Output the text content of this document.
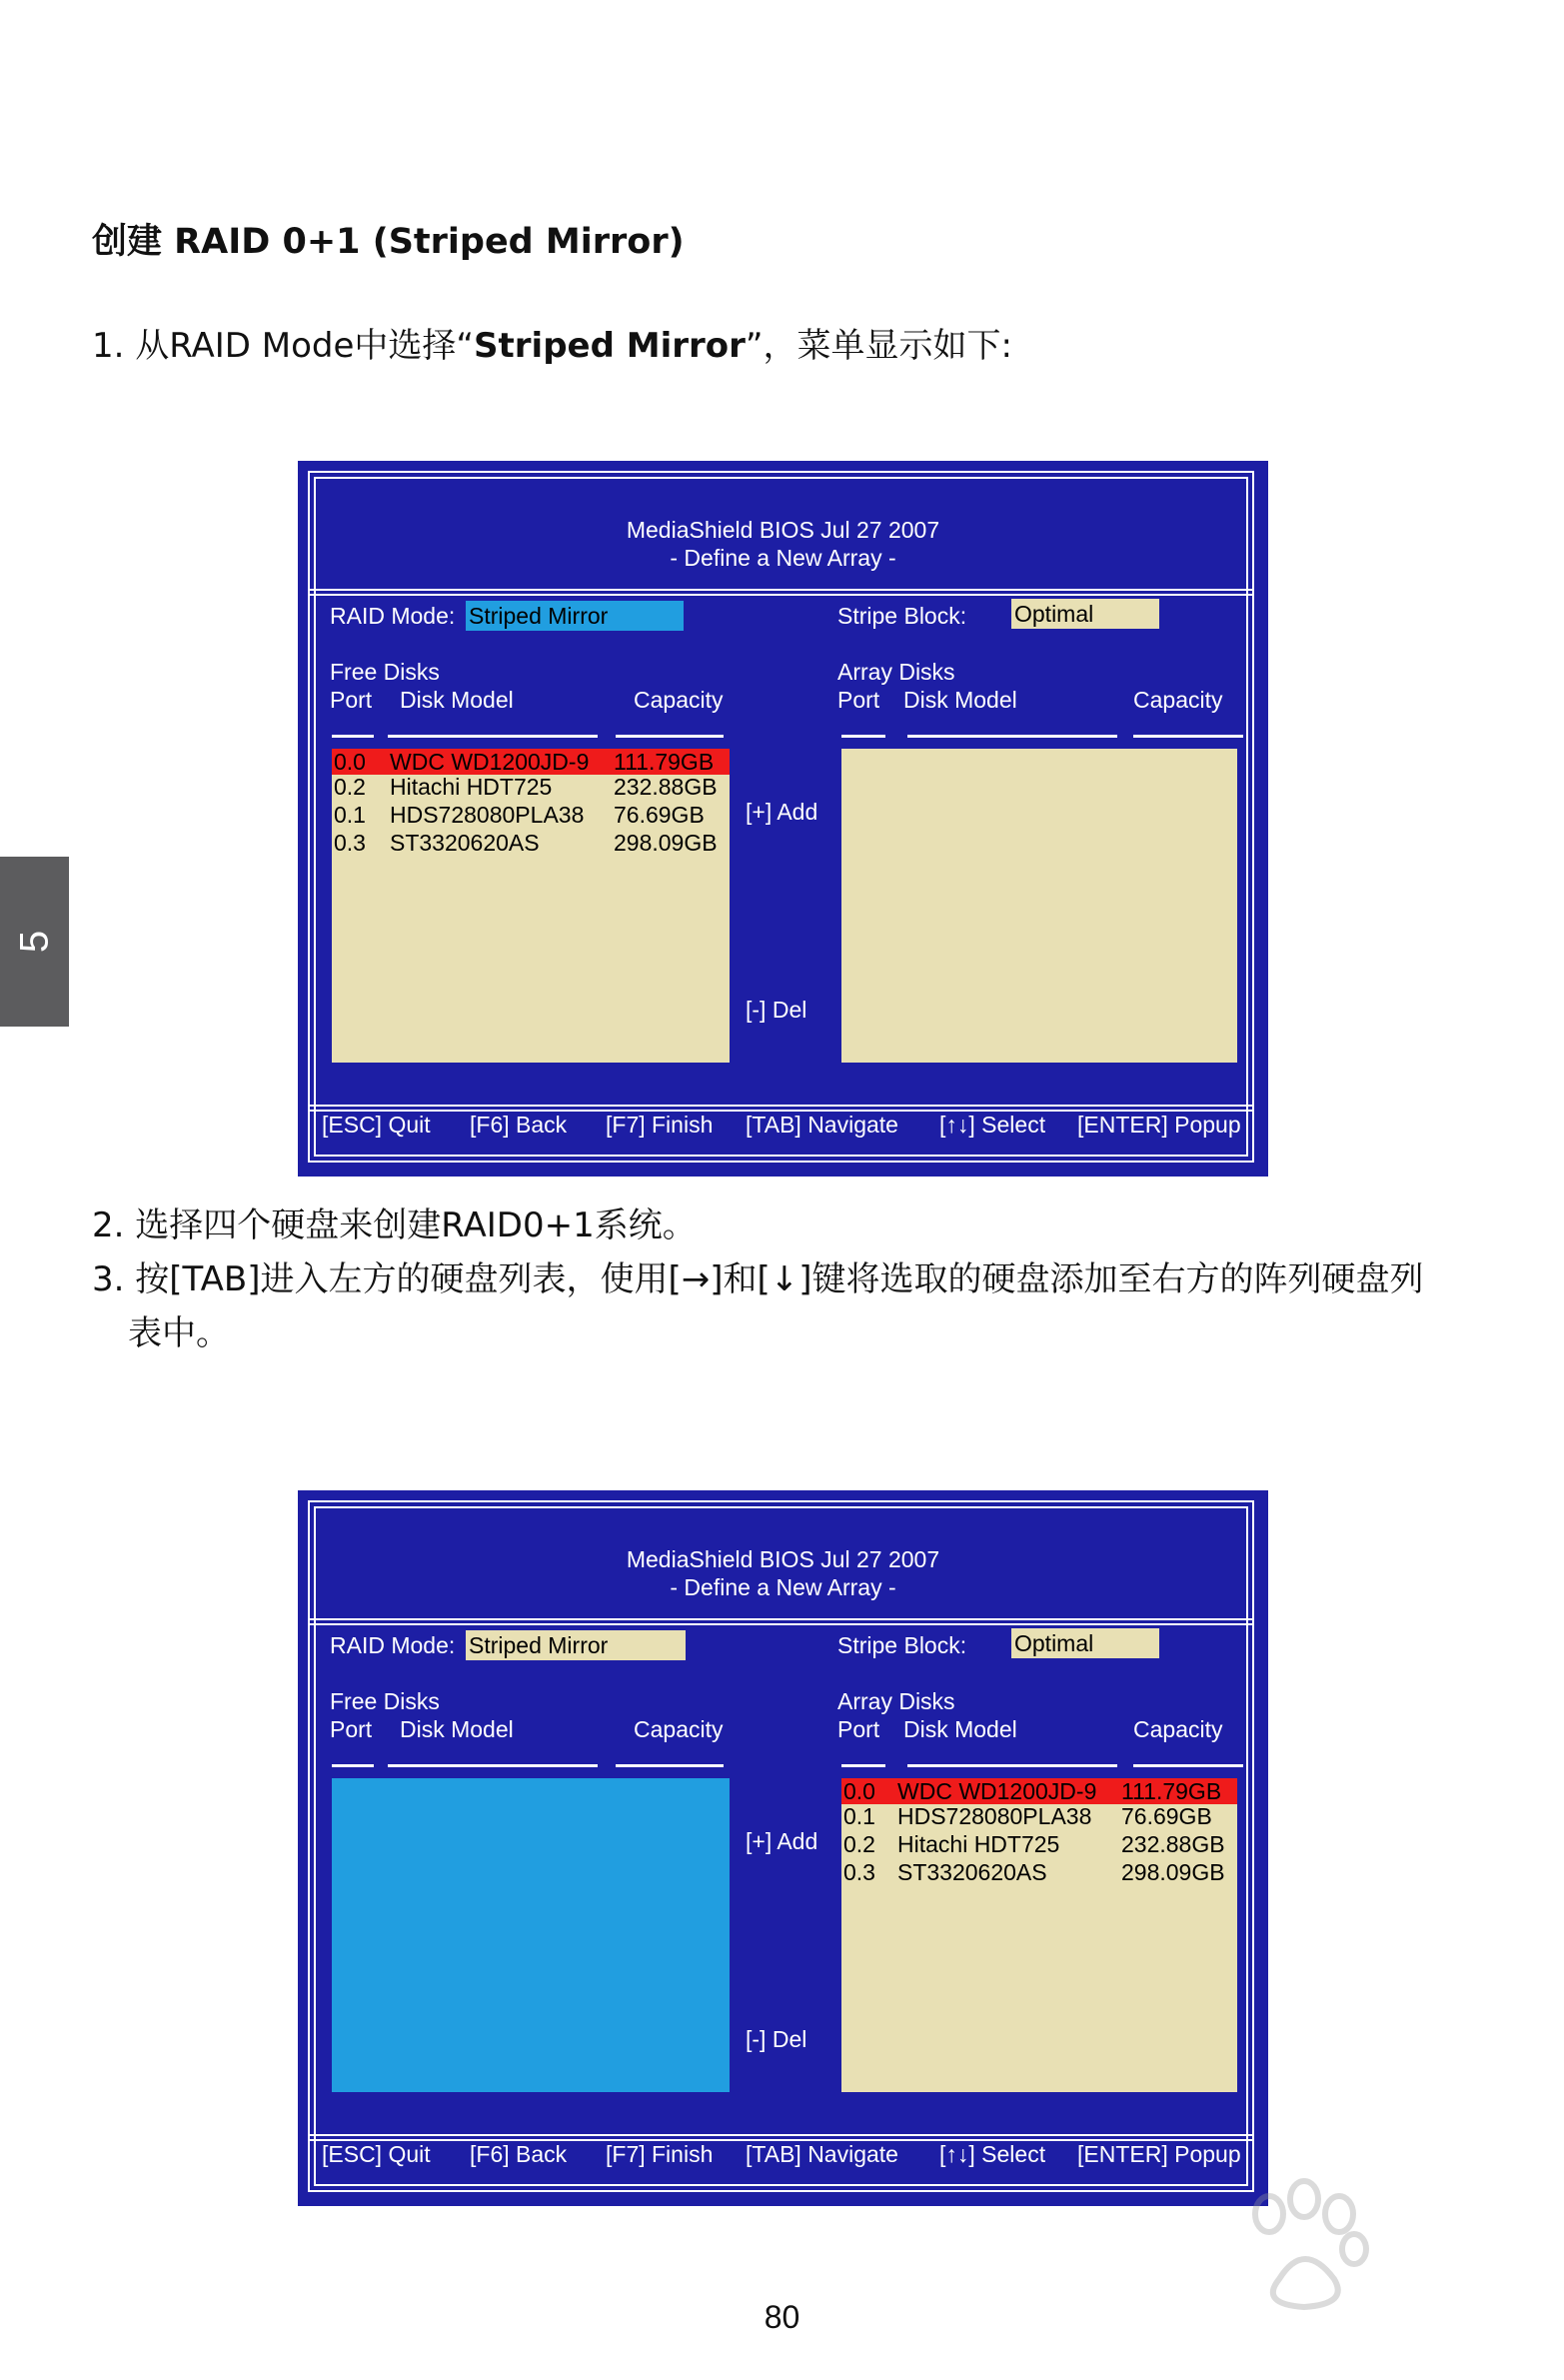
创建 RAID 0+1 (Striped Mirror)
1. 从RAID Mode中选择“Striped Mirror”，菜单显示如下:
5
MediaShield BIOS Jul 27 2007
- Define a New Array -
RAID Mode: Striped Mirror	Stripe Block: Optimal
Free Disks
Port Disk Model	Capacity
Array Disks
Port Disk Model	Capacity
0.0 WDC WD1200JD-9 111.79GB
0.2 Hitachi HDT725	232.88GB
0.1 HDS728080PLA38 76.69GB
0.3 ST3320620AS	298.09GB
[+] Add
[-] Del
[ESC] Quit [F6] Back [F7] Finish [TAB] Navigate [↑↓] Select [ENTER] Popup
2. 选择四个硬盘来创建RAID0+1系统。
3. 按[TAB]进入左方的硬盘列表，使用[→]和[↓]键将选取的硬盘添加至右方的阵列硬盘列
表中。
MediaShield BIOS Jul 27 2007
- Define a New Array -
RAID Mode: Striped Mirror	Stripe Block: Optimal
Free Disks
Port Disk Model	Capacity
Array Disks
Port Disk Model	Capacity
[+] Add
[-] Del
0.0 WDC WD1200JD-9 111.79GB
0.1 HDS728080PLA38 76.69GB
0.2 Hitachi HDT725	232.88GB
0.3 ST3320620AS	298.09GB
[ESC] Quit [F6] Back [F7] Finish [TAB] Navigate [↑↓] Select [ENTER] Popup
80
